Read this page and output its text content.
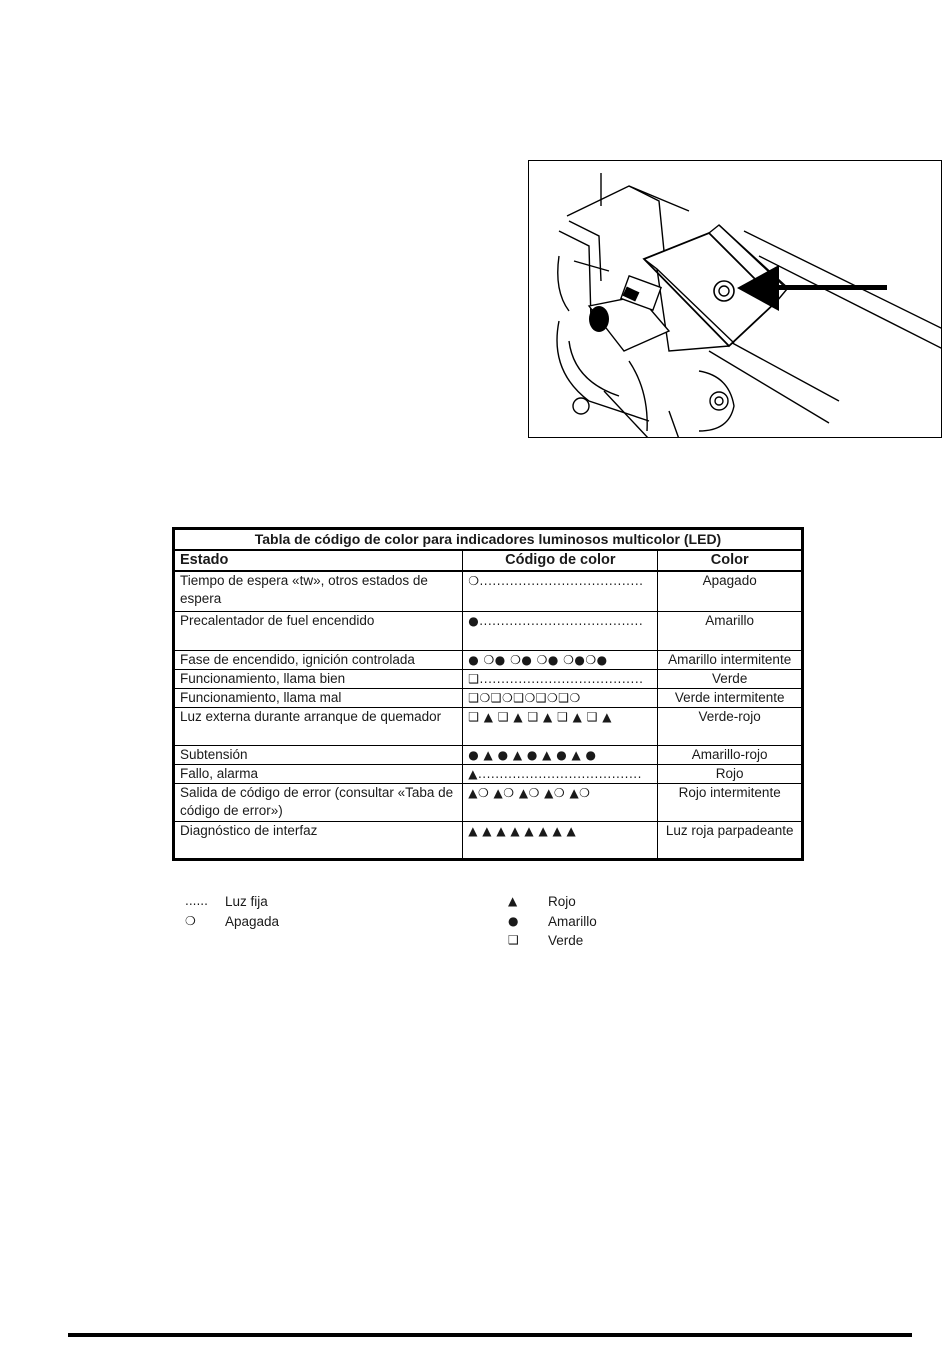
Tabla de código de color para indicadores luminosos multicolor (LED)		
Estado	Código de color	Color
Tiempo de espera «tw», otros estados de espera	❍......................................	Apagado
Precalentador de fuel encendido	●......................................	Amarillo
Fase de encendido, ignición controlada	● ❍● ❍● ❍● ❍●❍●	Amarillo intermitente
Funcionamiento, llama bien	❑......................................	Verde
Funcionamiento, llama mal	❑❍❑❍❑❍❑❍❑❍	Verde intermitente
Luz externa durante arranque de quemador	❑ ▲ ❑ ▲ ❑ ▲ ❑ ▲ ❑ ▲	Verde-rojo
Subtensión	● ▲ ● ▲ ● ▲ ● ▲ ●	Amarillo-rojo
Fallo, alarma	▲......................................	Rojo
Salida de código de error (consultar «Taba de código de error»)	▲❍ ▲❍ ▲❍ ▲❍ ▲❍	Rojo intermitente
Diagnóstico de interfaz	▲ ▲ ▲ ▲ ▲ ▲ ▲ ▲	Luz roja parpadeante
......	Luz fija
❍	Apagada
▲	Rojo
●	Amarillo
❑	Verde
